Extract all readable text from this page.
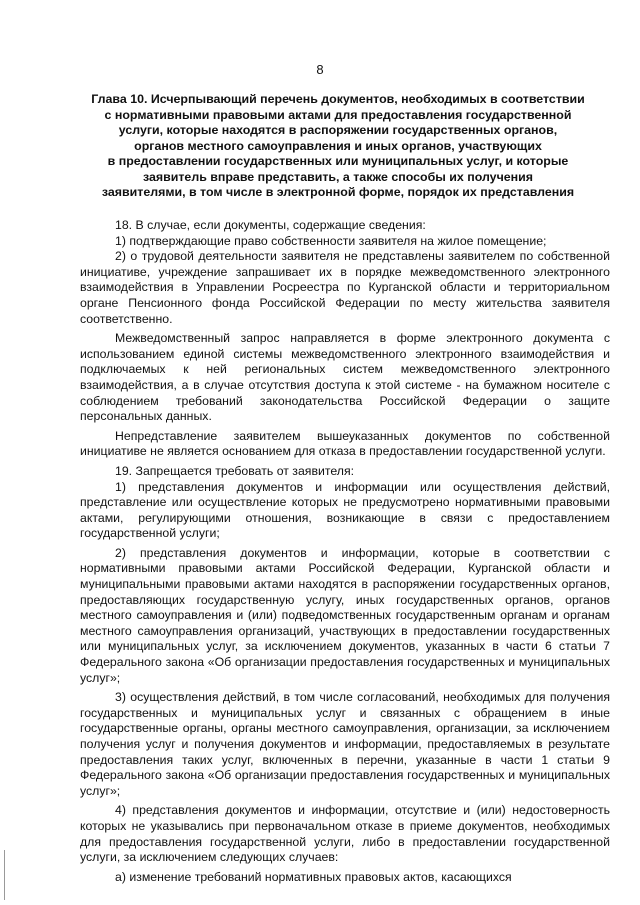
8
Глава 10. Исчерпывающий перечень документов, необходимых в соответствии
с нормативными правовыми актами для предоставления государственной
услуги, которые находятся в распоряжении государственных органов,
органов местного самоуправления и иных органов, участвующих
в предоставлении государственных или муниципальных услуг, и которые
заявитель вправе представить, а также способы их получения
заявителями, в том числе в электронной форме, порядок их представления

18. В случае, если документы, содержащие сведения:

1) подтверждающие право собственности заявителя на жилое помещение;

2) о трудовой деятельности заявителя не представлены заявителем по собственной инициативе, учреждение запрашивает их в порядке межведомственного электронного взаимодействия в Управлении Росреестра по Курганской области и территориальном органе Пенсионного фонда Российской Федерации по месту жительства заявителя соответственно.

Межведомственный запрос направляется в форме электронного документа с использованием единой системы межведомственного электронного взаимодействия и подключаемых к ней региональных систем межведомственного электронного взаимодействия, а в случае отсутствия доступа к этой системе - на бумажном носителе с соблюдением требований законодательства Российской Федерации о защите персональных данных.

Непредставление заявителем вышеуказанных документов по собственной инициативе не является основанием для отказа в предоставлении государственной услуги.

19. Запрещается требовать от заявителя:

1) представления документов и информации или осуществления действий, представление или осуществление которых не предусмотрено нормативными правовыми актами, регулирующими отношения, возникающие в связи с предоставлением государственной услуги;

2) представления документов и информации, которые в соответствии с нормативными правовыми актами Российской Федерации, Курганской области и муниципальными правовыми актами находятся в распоряжении государственных органов, предоставляющих государственную услугу, иных государственных органов, органов местного самоуправления и (или) подведомственных государственным органам и органам местного самоуправления организаций, участвующих в предоставлении государственных или муниципальных услуг, за исключением документов, указанных в части 6 статьи 7 Федерального закона «Об организации предоставления государственных и муниципальных услуг»;

3) осуществления действий, в том числе согласований, необходимых для получения государственных и муниципальных услуг и связанных с обращением в иные государственные органы, органы местного самоуправления, организации, за исключением получения услуг и получения документов и информации, предоставляемых в результате предоставления таких услуг, включенных в перечни, указанные в части 1 статьи 9 Федерального закона «Об организации предоставления государственных и муниципальных услуг»;

4) представления документов и информации, отсутствие и (или) недостоверность которых не указывались при первоначальном отказе в приеме документов, необходимых для предоставления государственной услуги, либо в предоставлении государственной услуги, за исключением следующих случаев:

а) изменение требований нормативных правовых актов, касающихся
